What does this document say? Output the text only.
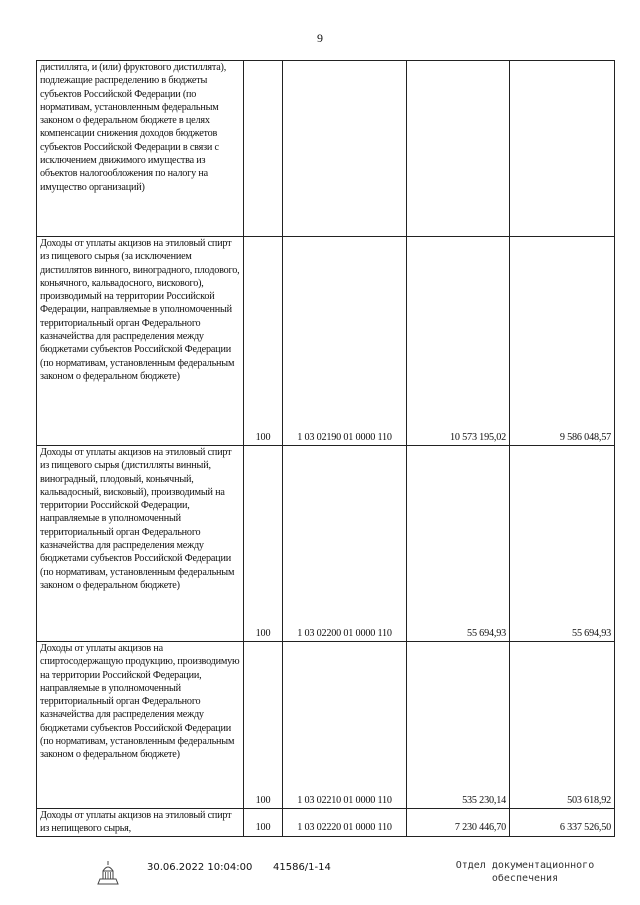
9
дистиллята, и (или) фруктового дистиллята), подлежащие распределению в бюджеты субъектов Российской Федерации (по нормативам, установленным федеральным законом о федеральном бюджете в целях компенсации снижения доходов бюджетов субъектов Российской Федерации в связи с исключением движимого имущества из объектов налогообложения по налогу на имущество организаций)				
Доходы от уплаты акцизов на этиловый спирт из пищевого сырья (за исключением дистиллятов винного, виноградного, плодового, коньячного, кальвадосного, вискового), производимый на территории Российской Федерации, направляемые в уполномоченный территориальный орган Федерального казначейства для распределения между бюджетами субъектов Российской Федерации (по нормативам, установленным федеральным законом о федеральном бюджете)	100	1 03 02190 01 0000 110	10 573 195,02	9 586 048,57
Доходы от уплаты акцизов на этиловый спирт из пищевого сырья (дистилляты винный, виноградный, плодовый, коньячный, кальвадосный, висковый), производимый на территории Российской Федерации, направляемые в уполномоченный территориальный орган Федерального казначейства для распределения между бюджетами субъектов Российской Федерации (по нормативам, установленным федеральным законом о федеральном бюджете)	100	1 03 02200 01 0000 110	55 694,93	55 694,93
Доходы от уплаты акцизов на спиртосодержащую продукцию, производимую на территории Российской Федерации, направляемые в уполномоченный территориальный орган Федерального казначейства для распределения между бюджетами субъектов Российской Федерации (по нормативам, установленным федеральным законом о федеральном бюджете)	100	1 03 02210 01 0000 110	535 230,14	503 618,92
Доходы от уплаты акцизов на этиловый спирт из непищевого сырья,	100	1 03 02220 01 0000 110	7 230 446,70	6 337 526,50
30.06.2022 10:04:00 41586/1-14	Отдел документационного
обеспечения
